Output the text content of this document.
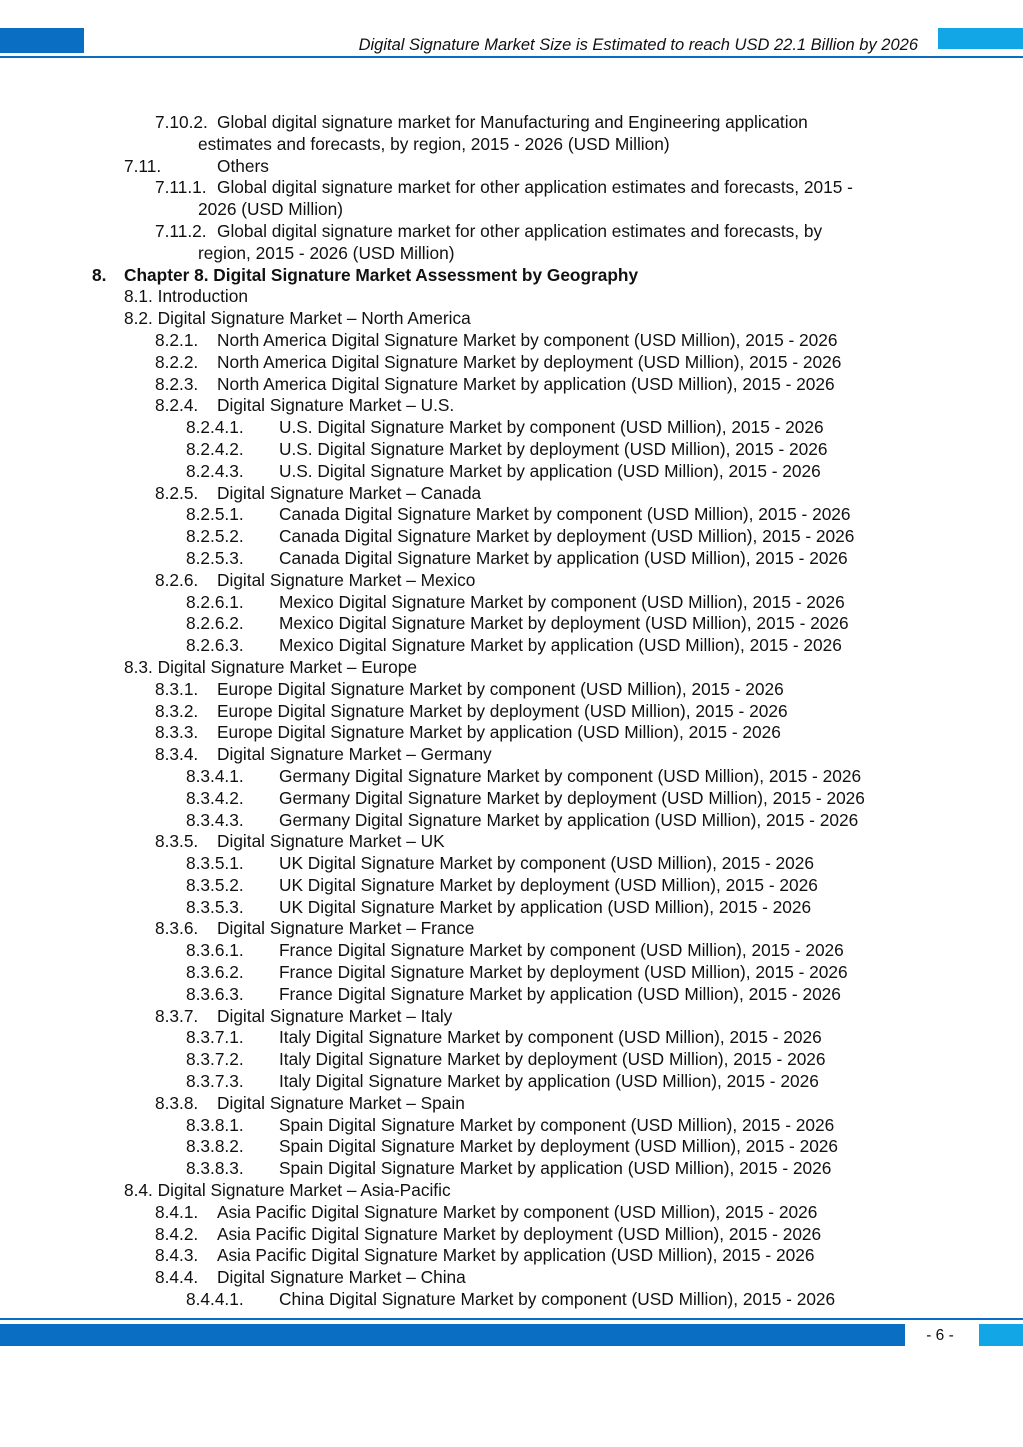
Digital Signature Market Size is Estimated to reach USD 22.1 Billion by 2026
7.10.2. Global digital signature market for Manufacturing and Engineering application
estimates and forecasts, by region, 2015 - 2026 (USD Million)
7.11.	Others
7.11.1. Global digital signature market for other application estimates and forecasts, 2015 -
2026 (USD Million)
7.11.2. Global digital signature market for other application estimates and forecasts, by
region, 2015 - 2026 (USD Million)
8. Chapter 8. Digital Signature Market Assessment by Geography
8.1. Introduction
8.2. Digital Signature Market – North America
8.2.1. North America Digital Signature Market by component (USD Million), 2015 - 2026
8.2.2. North America Digital Signature Market by deployment (USD Million), 2015 - 2026
8.2.3. North America Digital Signature Market by application (USD Million), 2015 - 2026
8.2.4. Digital Signature Market – U.S.
8.2.4.1. U.S. Digital Signature Market by component (USD Million), 2015 - 2026
8.2.4.2. U.S. Digital Signature Market by deployment (USD Million), 2015 - 2026
8.2.4.3. U.S. Digital Signature Market by application (USD Million), 2015 - 2026
8.2.5. Digital Signature Market – Canada
8.2.5.1. Canada Digital Signature Market by component (USD Million), 2015 - 2026
8.2.5.2. Canada Digital Signature Market by deployment (USD Million), 2015 - 2026
8.2.5.3. Canada Digital Signature Market by application (USD Million), 2015 - 2026
8.2.6. Digital Signature Market – Mexico
8.2.6.1. Mexico Digital Signature Market by component (USD Million), 2015 - 2026
8.2.6.2. Mexico Digital Signature Market by deployment (USD Million), 2015 - 2026
8.2.6.3. Mexico Digital Signature Market by application (USD Million), 2015 - 2026
8.3. Digital Signature Market – Europe
8.3.1. Europe Digital Signature Market by component (USD Million), 2015 - 2026
8.3.2. Europe Digital Signature Market by deployment (USD Million), 2015 - 2026
8.3.3. Europe Digital Signature Market by application (USD Million), 2015 - 2026
8.3.4. Digital Signature Market – Germany
8.3.4.1. Germany Digital Signature Market by component (USD Million), 2015 - 2026
8.3.4.2. Germany Digital Signature Market by deployment (USD Million), 2015 - 2026
8.3.4.3. Germany Digital Signature Market by application (USD Million), 2015 - 2026
8.3.5. Digital Signature Market – UK
8.3.5.1. UK Digital Signature Market by component (USD Million), 2015 - 2026
8.3.5.2. UK Digital Signature Market by deployment (USD Million), 2015 - 2026
8.3.5.3. UK Digital Signature Market by application (USD Million), 2015 - 2026
8.3.6. Digital Signature Market – France
8.3.6.1. France Digital Signature Market by component (USD Million), 2015 - 2026
8.3.6.2. France Digital Signature Market by deployment (USD Million), 2015 - 2026
8.3.6.3. France Digital Signature Market by application (USD Million), 2015 - 2026
8.3.7. Digital Signature Market – Italy
8.3.7.1. Italy Digital Signature Market by component (USD Million), 2015 - 2026
8.3.7.2. Italy Digital Signature Market by deployment (USD Million), 2015 - 2026
8.3.7.3. Italy Digital Signature Market by application (USD Million), 2015 - 2026
8.3.8. Digital Signature Market – Spain
8.3.8.1. Spain Digital Signature Market by component (USD Million), 2015 - 2026
8.3.8.2. Spain Digital Signature Market by deployment (USD Million), 2015 - 2026
8.3.8.3. Spain Digital Signature Market by application (USD Million), 2015 - 2026
8.4. Digital Signature Market – Asia-Pacific
8.4.1. Asia Pacific Digital Signature Market by component (USD Million), 2015 - 2026
8.4.2. Asia Pacific Digital Signature Market by deployment (USD Million), 2015 - 2026
8.4.3. Asia Pacific Digital Signature Market by application (USD Million), 2015 - 2026
8.4.4. Digital Signature Market – China
8.4.4.1. China Digital Signature Market by component (USD Million), 2015 - 2026
- 6 -
